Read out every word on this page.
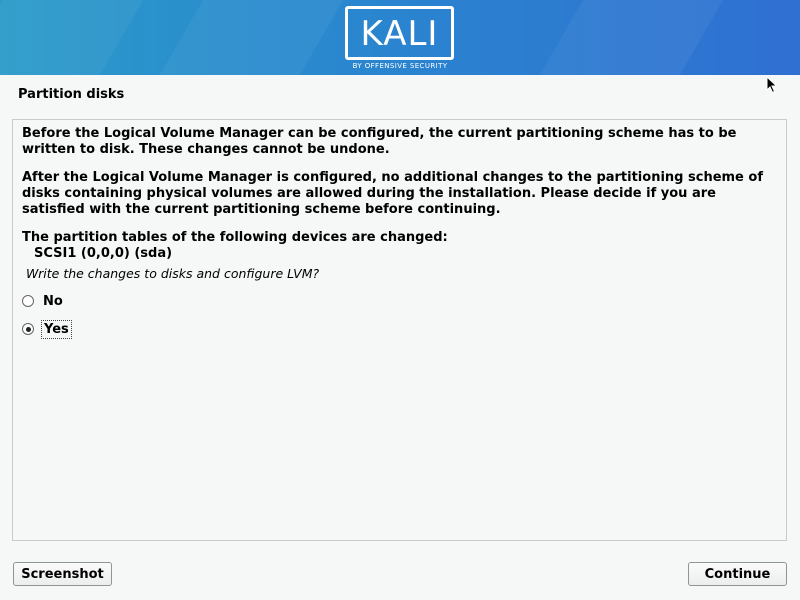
KALI
BY OFFENSIVE SECURITY
Partition disks

Before the Logical Volume Manager can be configured, the current partitioning scheme has to be written to disk. These changes cannot be undone.

After the Logical Volume Manager is configured, no additional changes to the partitioning scheme of disks containing physical volumes are allowed during the installation. Please decide if you are satisfied with the current partitioning scheme before continuing.

The partition tables of the following devices are changed:

SCSI1 (0,0,0) (sda)
Write the changes to disks and configure LVM?
No
Yes
Screenshot	Continue
